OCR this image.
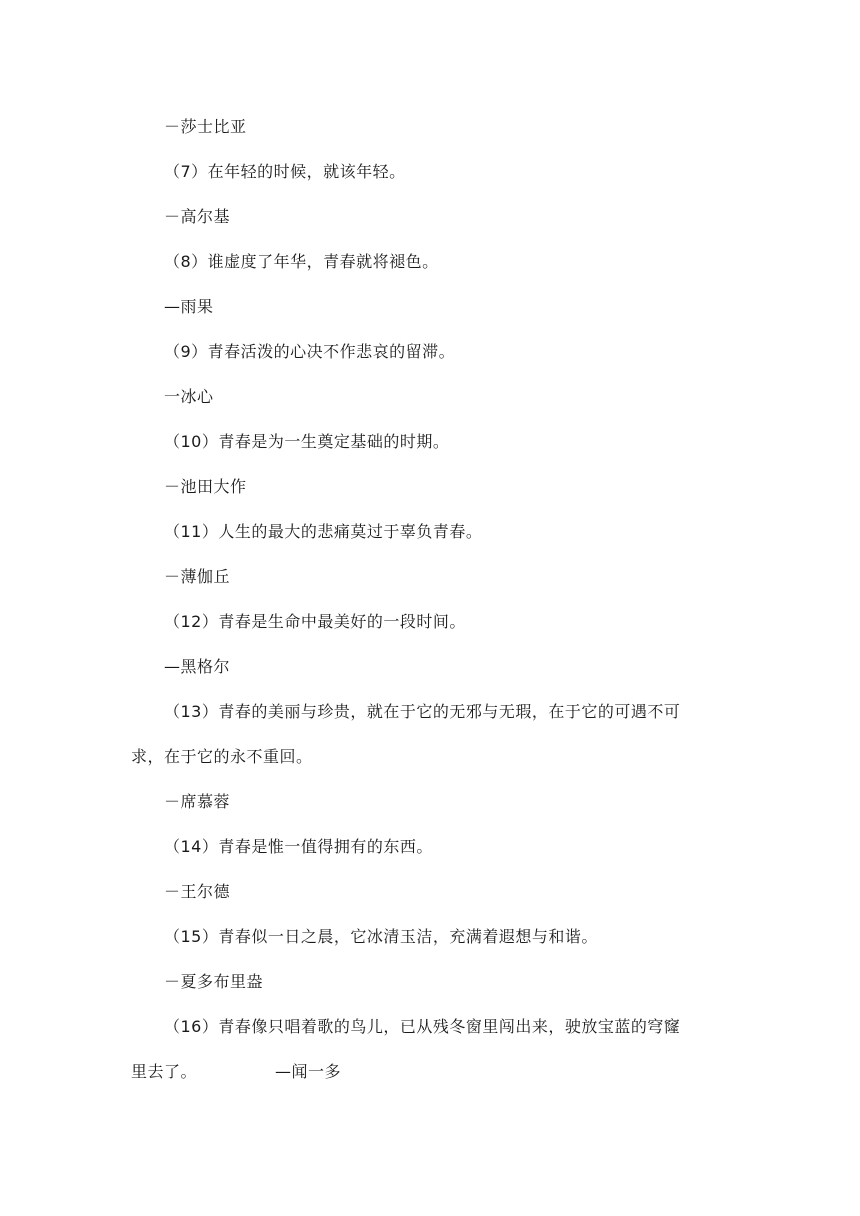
－莎士比亚
（7）在年轻的时候，就该年轻。
－高尔基
（8）谁虚度了年华，青春就将褪色。
—雨果
（9）青春活泼的心决不作悲哀的留滞。
一冰心
（10）青春是为一生奠定基础的时期。
－池田大作
（11）人生的最大的悲痛莫过于辜负青春。
－薄伽丘
（12）青春是生命中最美好的一段时间。
—黑格尔
（13）青春的美丽与珍贵，就在于它的无邪与无瑕，在于它的可遇不可
求，在于它的永不重回。
－席慕蓉
（14）青春是惟一值得拥有的东西。
－王尔德
（15）青春似一日之晨，它冰清玉洁，充满着遐想与和谐。
－夏多布里盎
（16）青春像只唱着歌的鸟儿，已从残冬窗里闯出来，驶放宝蓝的穹窿
里去了。	—闻一多
